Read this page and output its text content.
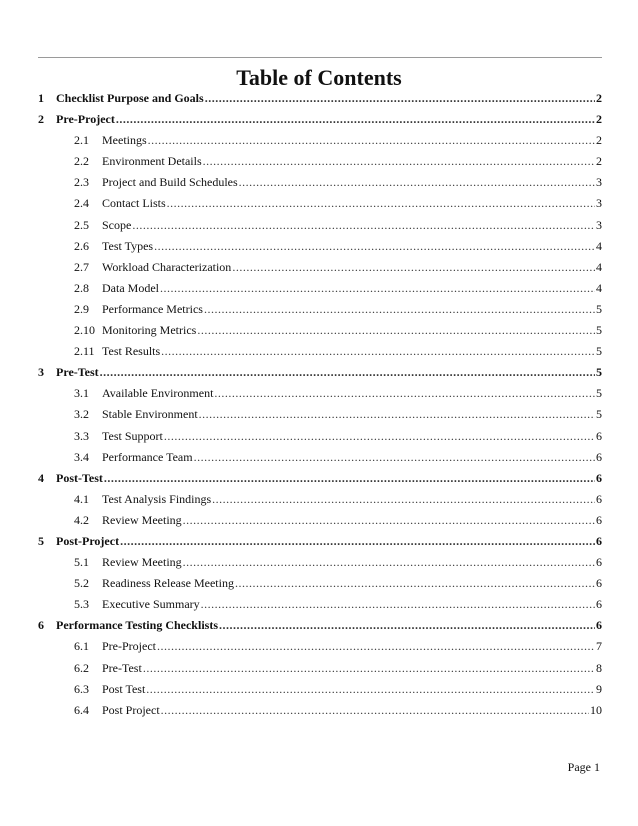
Table of Contents
1	Checklist Purpose and Goals .....	2
2	Pre-Project .....	2
2.1	Meetings .....	2
2.2	Environment Details .....	2
2.3	Project and Build Schedules .....	3
2.4	Contact Lists .....	3
2.5	Scope .....	3
2.6	Test Types .....	4
2.7	Workload Characterization .....	4
2.8	Data Model .....	4
2.9	Performance Metrics .....	5
2.10 Monitoring Metrics .....	5
2.11 Test Results .....	5
3	Pre-Test .....	5
3.1	Available Environment .....	5
3.2	Stable Environment .....	5
3.3	Test Support .....	6
3.4	Performance Team .....	6
4	Post-Test .....	6
4.1	Test Analysis Findings .....	6
4.2	Review Meeting .....	6
5	Post-Project .....	6
5.1	Review Meeting .....	6
5.2	Readiness Release Meeting .....	6
5.3	Executive Summary .....	6
6	Performance Testing Checklists .....	6
6.1	Pre-Project .....	7
6.2	Pre-Test .....	8
6.3	Post Test .....	9
6.4	Post Project .....	10
Page 1
